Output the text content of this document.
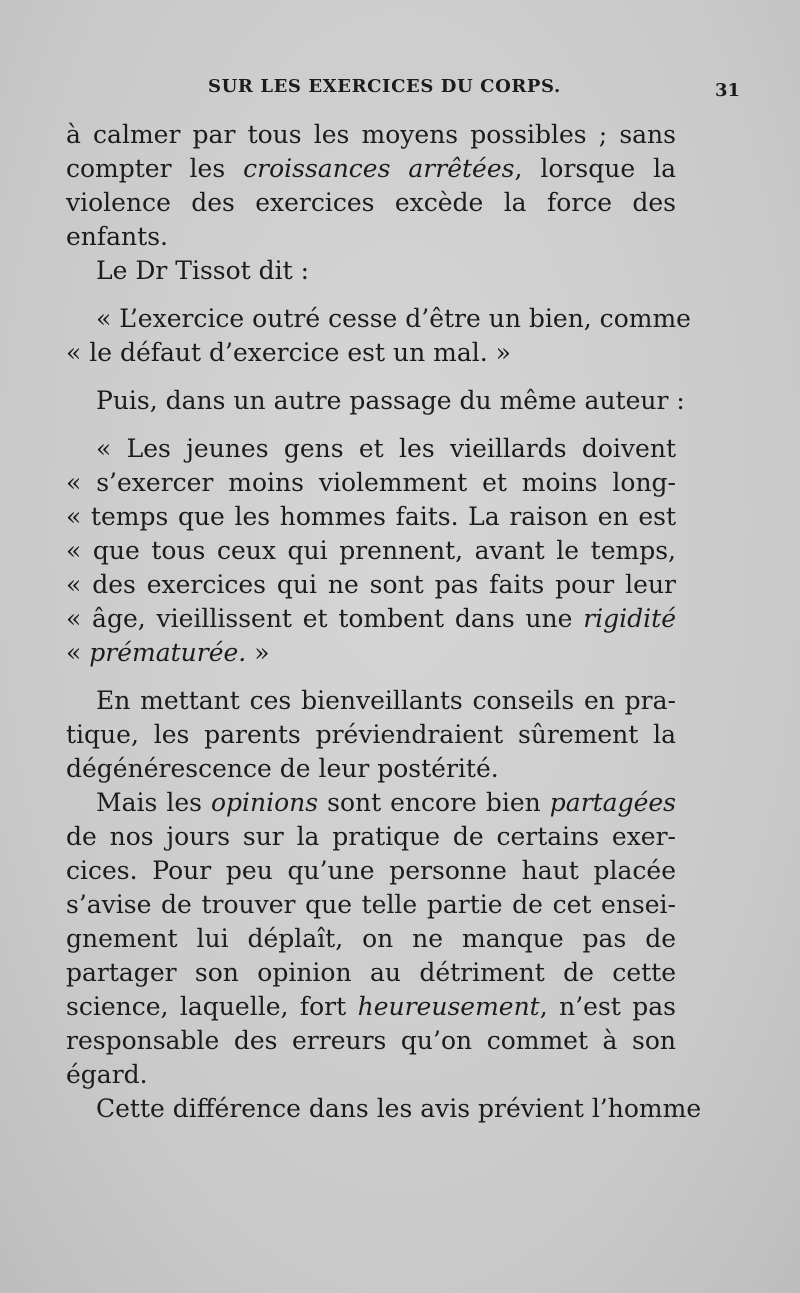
SUR LES EXERCICES DU CORPS.	31
à calmer par tous les moyens possibles ; sans
compter les croissances arrêtées, lorsque la
violence des exercices excède la force des
enfants.
Le Dr Tissot dit :
« L’exercice outré cesse d’être un bien, comme
« le défaut d’exercice est un mal. »
Puis, dans un autre passage du même auteur :
« Les jeunes gens et les vieillards doivent
« s’exercer moins violemment et moins long-
« temps que les hommes faits. La raison en est
« que tous ceux qui prennent, avant le temps,
« des exercices qui ne sont pas faits pour leur
« âge, vieillissent et tombent dans une rigidité
« prématurée. »
En mettant ces bienveillants conseils en pra-
tique, les parents préviendraient sûrement la
dégénérescence de leur postérité.
Mais les opinions sont encore bien partagées
de nos jours sur la pratique de certains exer-
cices. Pour peu qu’une personne haut placée
s’avise de trouver que telle partie de cet ensei-
gnement lui déplaît, on ne manque pas de
partager son opinion au détriment de cette
science, laquelle, fort heureusement, n’est pas
responsable des erreurs qu’on commet à son
égard.
Cette différence dans les avis prévient l’homme
